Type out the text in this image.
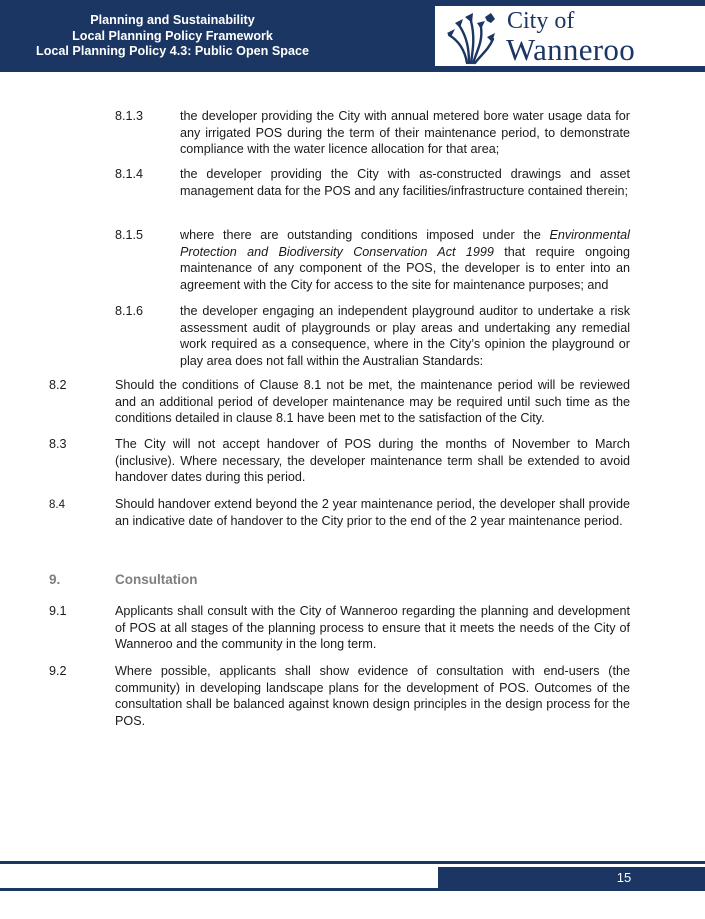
Planning and Sustainability
Local Planning Policy Framework
Local Planning Policy 4.3: Public Open Space
City of
Wanneroo
8.1.3	the developer providing the City with annual metered bore water usage data for any irrigated POS during the term of their maintenance period, to demonstrate compliance with the water licence allocation for that area;
8.1.4	the developer providing the City with as-constructed drawings and asset management data for the POS and any facilities/infrastructure contained therein;
8.1.5	where there are outstanding conditions imposed under the Environmental Protection and Biodiversity Conservation Act 1999 that require ongoing maintenance of any component of the POS, the developer is to enter into an agreement with the City for access to the site for maintenance purposes; and
8.1.6	the developer engaging an independent playground auditor to undertake a risk assessment audit of playgrounds or play areas and undertaking any remedial work required as a consequence, where in the City’s opinion the playground or play area does not fall within the Australian Standards:
8.2	Should the conditions of Clause 8.1 not be met, the maintenance period will be reviewed and an additional period of developer maintenance may be required until such time as the conditions detailed in clause 8.1 have been met to the satisfaction of the City.
8.3	The City will not accept handover of POS during the months of November to March (inclusive). Where necessary, the developer maintenance term shall be extended to avoid handover dates during this period.
8.4	Should handover extend beyond the 2 year maintenance period, the developer shall provide an indicative date of handover to the City prior to the end of the 2 year maintenance period.
9.	Consultation
9.1	Applicants shall consult with the City of Wanneroo regarding the planning and development of POS at all stages of the planning process to ensure that it meets the needs of the City of Wanneroo and the community in the long term.
9.2	Where possible, applicants shall show evidence of consultation with end-users (the community) in developing landscape plans for the development of POS. Outcomes of the consultation shall be balanced against known design principles in the design process for the POS.
15
